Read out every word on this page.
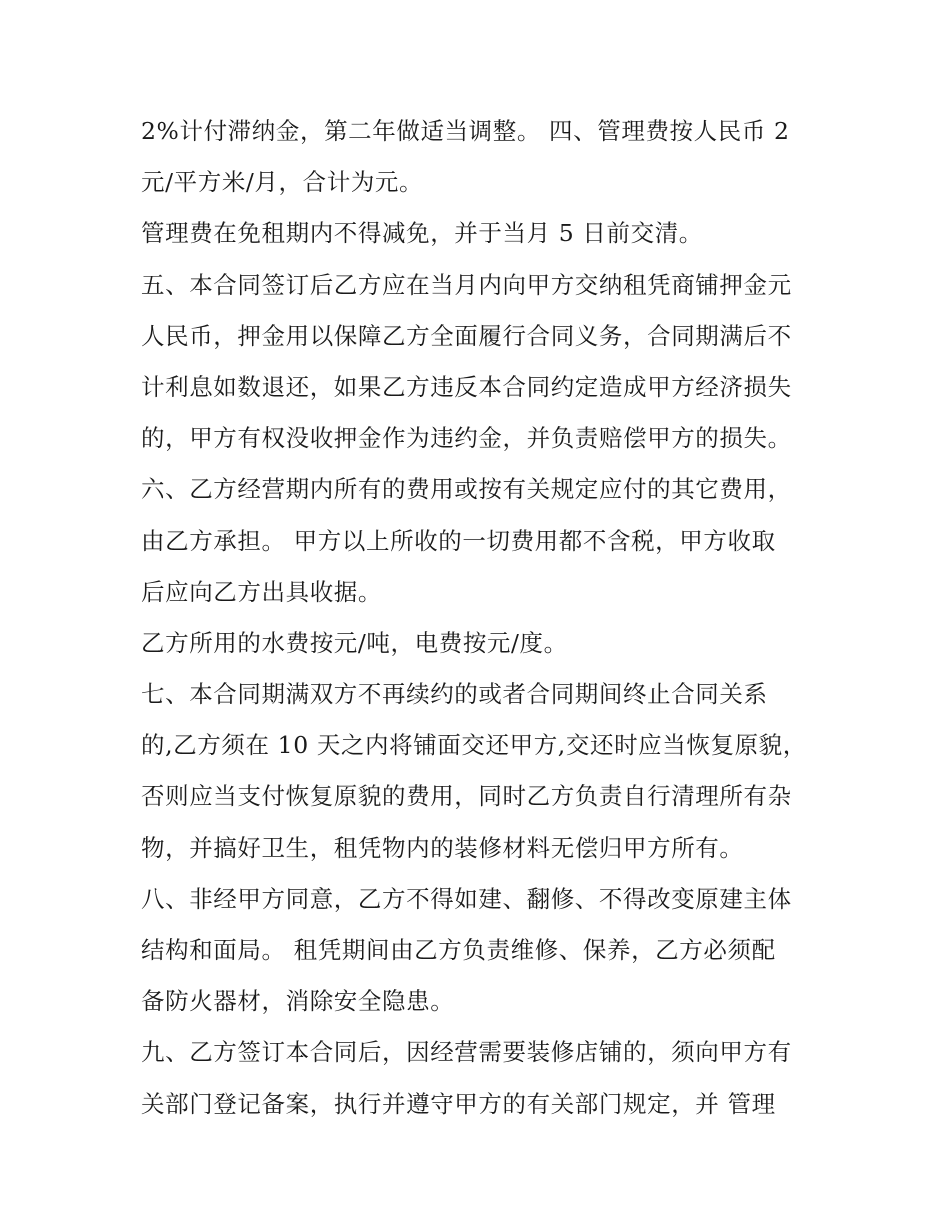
2%计付滞纳金，第二年做适当调整。 四、管理费按人民币 2
元/平方米/月，合计为元。
管理费在免租期内不得减免，并于当月 5 日前交清。
五、本合同签订后乙方应在当月内向甲方交纳租凭商铺押金元
人民币，押金用以保障乙方全面履行合同义务，合同期满后不
计利息如数退还，如果乙方违反本合同约定造成甲方经济损失
的，甲方有权没收押金作为违约金，并负责赔偿甲方的损失。
六、乙方经营期内所有的费用或按有关规定应付的其它费用，
由乙方承担。 甲方以上所收的一切费用都不含税，甲方收取
后应向乙方出具收据。
乙方所用的水费按元/吨，电费按元/度。
七、本合同期满双方不再续约的或者合同期间终止合同关系
的,乙方须在 10 天之内将铺面交还甲方,交还时应当恢复原貌，
否则应当支付恢复原貌的费用，同时乙方负责自行清理所有杂
物，并搞好卫生，租凭物内的装修材料无偿归甲方所有。
八、非经甲方同意，乙方不得如建、翻修、不得改变原建主体
结构和面局。 租凭期间由乙方负责维修、保养，乙方必须配
备防火器材，消除安全隐患。
九、乙方签订本合同后，因经营需要装修店铺的，须向甲方有
关部门登记备案，执行并遵守甲方的有关部门规定，并 管理
